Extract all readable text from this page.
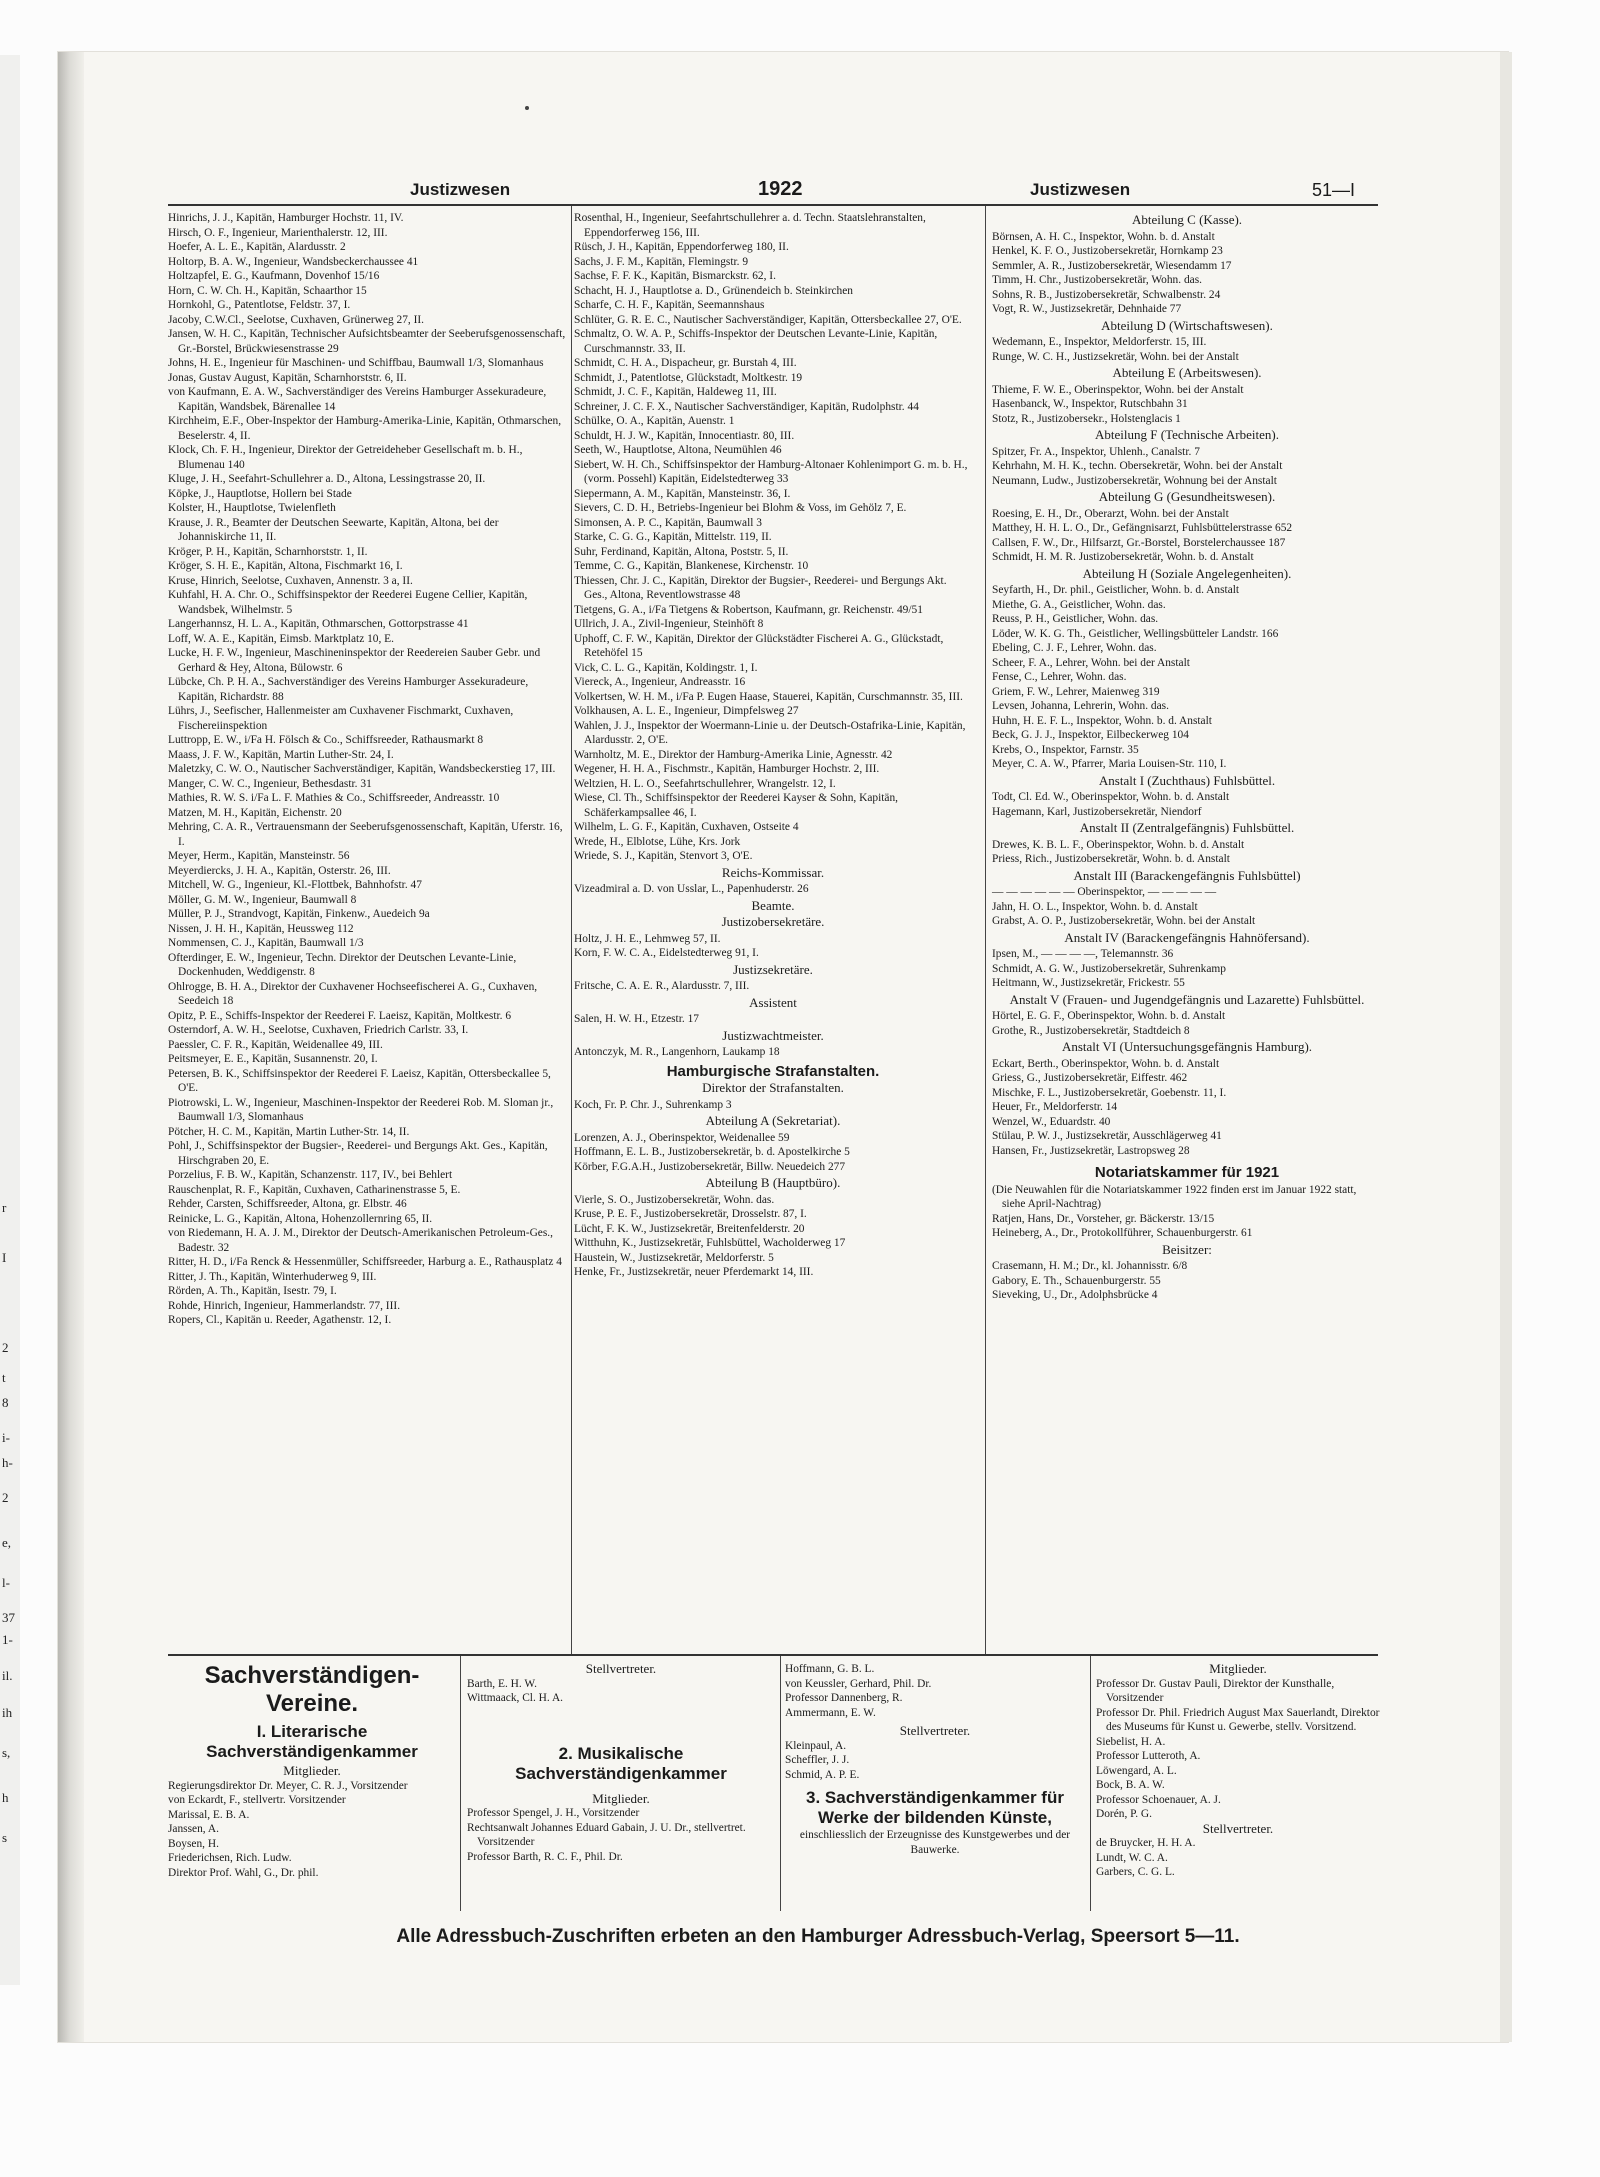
r
I
2
t
8
i-
h-
2
e,
l-
37
1-
il.
ih
s,
h
s
Justizwesen	1922	Justizwesen	51—I

Hinrichs, J. J., Kapitän, Hamburger Hochstr. 11, IV.

Hirsch, O. F., Ingenieur, Marienthalerstr. 12, III.

Hoefer, A. L. E., Kapitän, Alardusstr. 2

Holtorp, B. A. W., Ingenieur, Wandsbeckerchaussee 41

Holtzapfel, E. G., Kaufmann, Dovenhof 15/16

Horn, C. W. Ch. H., Kapitän, Schaarthor 15

Hornkohl, G., Patentlotse, Feldstr. 37, I.

Jacoby, C.W.Cl., Seelotse, Cuxhaven, Grünerweg 27, II.

Jansen, W. H. C., Kapitän, Technischer Aufsichtsbeamter der Seeberufsgenossenschaft, Gr.-Borstel, Brückwiesenstrasse 29

Johns, H. E., Ingenieur für Maschinen- und Schiffbau, Baumwall 1/3, Slomanhaus

Jonas, Gustav August, Kapitän, Scharnhorststr. 6, II.

von Kaufmann, E. A. W., Sachverständiger des Vereins Hamburger Assekuradeure, Kapitän, Wandsbek, Bärenallee 14

Kirchheim, E.F., Ober-Inspektor der Hamburg-Amerika-Linie, Kapitän, Othmarschen, Beselerstr. 4, II.

Klock, Ch. F. H., Ingenieur, Direktor der Getreideheber Gesellschaft m. b. H., Blumenau 140

Kluge, J. H., Seefahrt-Schullehrer a. D., Altona, Lessingstrasse 20, II.

Köpke, J., Hauptlotse, Hollern bei Stade

Kolster, H., Hauptlotse, Twielenfleth

Krause, J. R., Beamter der Deutschen Seewarte, Kapitän, Altona, bei der Johanniskirche 11, II.

Kröger, P. H., Kapitän, Scharnhorststr. 1, II.

Kröger, S. H. E., Kapitän, Altona, Fischmarkt 16, I.

Kruse, Hinrich, Seelotse, Cuxhaven, Annenstr. 3 a, II.

Kuhfahl, H. A. Chr. O., Schiffsinspektor der Reederei Eugene Cellier, Kapitän, Wandsbek, Wilhelmstr. 5

Langerhannsz, H. L. A., Kapitän, Othmarschen, Gottorpstrasse 41

Loff, W. A. E., Kapitän, Eimsb. Marktplatz 10, E.

Lucke, H. F. W., Ingenieur, Maschineninspektor der Reedereien Sauber Gebr. und Gerhard & Hey, Altona, Bülowstr. 6

Lübcke, Ch. P. H. A., Sachverständiger des Vereins Hamburger Assekuradeure, Kapitän, Richardstr. 88

Lührs, J., Seefischer, Hallenmeister am Cuxhavener Fischmarkt, Cuxhaven, Fischereiinspektion

Luttropp, E. W., i/Fa H. Fölsch & Co., Schiffsreeder, Rathausmarkt 8

Maass, J. F. W., Kapitän, Martin Luther-Str. 24, I.

Maletzky, C. W. O., Nautischer Sachverständiger, Kapitän, Wandsbeckerstieg 17, III.

Manger, C. W. C., Ingenieur, Bethesdastr. 31

Mathies, R. W. S. i/Fa L. F. Mathies & Co., Schiffsreeder, Andreasstr. 10

Matzen, M. H., Kapitän, Eichenstr. 20

Mehring, C. A. R., Vertrauensmann der Seeberufsgenossenschaft, Kapitän, Uferstr. 16, I.

Meyer, Herm., Kapitän, Mansteinstr. 56

Meyerdiercks, J. H. A., Kapitän, Osterstr. 26, III.

Mitchell, W. G., Ingenieur, Kl.-Flottbek, Bahnhofstr. 47

Möller, G. M. W., Ingenieur, Baumwall 8

Müller, P. J., Strandvogt, Kapitän, Finkenw., Auedeich 9a

Nissen, J. H. H., Kapitän, Heussweg 112

Nommensen, C. J., Kapitän, Baumwall 1/3

Ofterdinger, E. W., Ingenieur, Techn. Direktor der Deutschen Levante-Linie, Dockenhuden, Weddigenstr. 8

Ohlrogge, B. H. A., Direktor der Cuxhavener Hochseefischerei A. G., Cuxhaven, Seedeich 18

Opitz, P. E., Schiffs-Inspektor der Reederei F. Laeisz, Kapitän, Moltkestr. 6

Osterndorf, A. W. H., Seelotse, Cuxhaven, Friedrich Carlstr. 33, I.

Paessler, C. F. R., Kapitän, Weidenallee 49, III.

Peitsmeyer, E. E., Kapitän, Susannenstr. 20, I.

Petersen, B. K., Schiffsinspektor der Reederei F. Laeisz, Kapitän, Ottersbeckallee 5, O'E.

Piotrowski, L. W., Ingenieur, Maschinen-Inspektor der Reederei Rob. M. Sloman jr., Baumwall 1/3, Slomanhaus

Pötcher, H. C. M., Kapitän, Martin Luther-Str. 14, II.

Pohl, J., Schiffsinspektor der Bugsier-, Reederei- und Bergungs Akt. Ges., Kapitän, Hirschgraben 20, E.

Porzelius, F. B. W., Kapitän, Schanzenstr. 117, IV., bei Behlert

Rauschenplat, R. F., Kapitän, Cuxhaven, Catharinenstrasse 5, E.

Rehder, Carsten, Schiffsreeder, Altona, gr. Elbstr. 46

Reinicke, L. G., Kapitän, Altona, Hohenzollernring 65, II.

von Riedemann, H. A. J. M., Direktor der Deutsch-Amerikanischen Petroleum-Ges., Badestr. 32

Ritter, H. D., i/Fa Renck & Hessenmüller, Schiffsreeder, Harburg a. E., Rathausplatz 4

Ritter, J. Th., Kapitän, Winterhuderweg 9, III.

Rörden, A. Th., Kapitän, Isestr. 79, I.

Rohde, Hinrich, Ingenieur, Hammerlandstr. 77, III.

Ropers, Cl., Kapitän u. Reeder, Agathenstr. 12, I.

Rosenthal, H., Ingenieur, Seefahrtschullehrer a. d. Techn. Staatslehranstalten, Eppendorferweg 156, III.

Rüsch, J. H., Kapitän, Eppendorferweg 180, II.

Sachs, J. F. M., Kapitän, Flemingstr. 9

Sachse, F. F. K., Kapitän, Bismarckstr. 62, I.

Schacht, H. J., Hauptlotse a. D., Grünendeich b. Steinkirchen

Scharfe, C. H. F., Kapitän, Seemannshaus

Schlüter, G. R. E. C., Nautischer Sachverständiger, Kapitän, Ottersbeckallee 27, O'E.

Schmaltz, O. W. A. P., Schiffs-Inspektor der Deutschen Levante-Linie, Kapitän, Curschmannstr. 33, II.

Schmidt, C. H. A., Dispacheur, gr. Burstah 4, III.

Schmidt, J., Patentlotse, Glückstadt, Moltkestr. 19

Schmidt, J. C. F., Kapitän, Haldeweg 11, III.

Schreiner, J. C. F. X., Nautischer Sachverständiger, Kapitän, Rudolphstr. 44

Schülke, O. A., Kapitän, Auenstr. 1

Schuldt, H. J. W., Kapitän, Innocentiastr. 80, III.

Seeth, W., Hauptlotse, Altona, Neumühlen 46

Siebert, W. H. Ch., Schiffsinspektor der Hamburg-Altonaer Kohlenimport G. m. b. H., (vorm. Possehl) Kapitän, Eidelstedterweg 33

Siepermann, A. M., Kapitän, Mansteinstr. 36, I.

Sievers, C. D. H., Betriebs-Ingenieur bei Blohm & Voss, im Gehölz 7, E.

Simonsen, A. P. C., Kapitän, Baumwall 3

Starke, C. G. G., Kapitän, Mittelstr. 119, II.

Suhr, Ferdinand, Kapitän, Altona, Poststr. 5, II.

Temme, C. G., Kapitän, Blankenese, Kirchenstr. 10

Thiessen, Chr. J. C., Kapitän, Direktor der Bugsier-, Reederei- und Bergungs Akt. Ges., Altona, Reventlowstrasse 48

Tietgens, G. A., i/Fa Tietgens & Robertson, Kaufmann, gr. Reichenstr. 49/51

Ullrich, J. A., Zivil-Ingenieur, Steinhöft 8

Uphoff, C. F. W., Kapitän, Direktor der Glückstädter Fischerei A. G., Glückstadt, Retehöfel 15

Vick, C. L. G., Kapitän, Koldingstr. 1, I.

Viereck, A., Ingenieur, Andreasstr. 16

Volkertsen, W. H. M., i/Fa P. Eugen Haase, Stauerei, Kapitän, Curschmannstr. 35, III.

Volkhausen, A. L. E., Ingenieur, Dimpfelsweg 27

Wahlen, J. J., Inspektor der Woermann-Linie u. der Deutsch-Ostafrika-Linie, Kapitän, Alardusstr. 2, O'E.

Warnholtz, M. E., Direktor der Hamburg-Amerika Linie, Agnesstr. 42

Wegener, H. H. A., Fischmstr., Kapitän, Hamburger Hochstr. 2, III.

Weltzien, H. L. O., Seefahrtschullehrer, Wrangelstr. 12, I.

Wiese, Cl. Th., Schiffsinspektor der Reederei Kayser & Sohn, Kapitän, Schäferkampsallee 46, I.

Wilhelm, L. G. F., Kapitän, Cuxhaven, Ostseite 4

Wrede, H., Elblotse, Lühe, Krs. Jork

Wriede, S. J., Kapitän, Stenvort 3, O'E.

Reichs-Kommissar.

Vizeadmiral a. D. von Usslar, L., Papenhuderstr. 26

Beamte.

Justizobersekretäre.

Holtz, J. H. E., Lehmweg 57, II.

Korn, F. W. C. A., Eidelstedterweg 91, I.

Justizsekretäre.

Fritsche, C. A. E. R., Alardusstr. 7, III.

Assistent

Salen, H. W. H., Etzestr. 17

Justizwachtmeister.

Antonczyk, M. R., Langenhorn, Laukamp 18

Hamburgische Strafanstalten.

Direktor der Strafanstalten.

Koch, Fr. P. Chr. J., Suhrenkamp 3

Abteilung A (Sekretariat).

Lorenzen, A. J., Oberinspektor, Weidenallee 59

Hoffmann, E. L. B., Justizobersekretär, b. d. Apostelkirche 5

Körber, F.G.A.H., Justizobersekretär, Billw. Neuedeich 277

Abteilung B (Hauptbüro).

Vierle, S. O., Justizobersekretär, Wohn. das.

Kruse, P. E. F., Justizobersekretär, Drosselstr. 87, I.

Lücht, F. K. W., Justizsekretär, Breitenfelderstr. 20

Witthuhn, K., Justizsekretär, Fuhlsbüttel, Wacholderweg 17

Haustein, W., Justizsekretär, Meldorferstr. 5

Henke, Fr., Justizsekretär, neuer Pferdemarkt 14, III.

Abteilung C (Kasse).

Börnsen, A. H. C., Inspektor, Wohn. b. d. Anstalt

Henkel, K. F. O., Justizobersekretär, Hornkamp 23

Semmler, A. R., Justizobersekretär, Wiesendamm 17

Timm, H. Chr., Justizobersekretär, Wohn. das.

Sohns, R. B., Justizobersekretär, Schwalbenstr. 24

Vogt, R. W., Justizsekretär, Dehnhaide 77

Abteilung D (Wirtschaftswesen).

Wedemann, E., Inspektor, Meldorferstr. 15, III.

Runge, W. C. H., Justizsekretär, Wohn. bei der Anstalt

Abteilung E (Arbeitswesen).

Thieme, F. W. E., Oberinspektor, Wohn. bei der Anstalt

Hasenbanck, W., Inspektor, Rutschbahn 31

Stotz, R., Justizobersekr., Holstenglacis 1

Abteilung F (Technische Arbeiten).

Spitzer, Fr. A., Inspektor, Uhlenh., Canalstr. 7

Kehrhahn, M. H. K., techn. Obersekretär, Wohn. bei der Anstalt

Neumann, Ludw., Justizobersekretär, Wohnung bei der Anstalt

Abteilung G (Gesundheitswesen).

Roesing, E. H., Dr., Oberarzt, Wohn. bei der Anstalt

Matthey, H. H. L. O., Dr., Gefängnisarzt, Fuhlsbüttelerstrasse 652

Callsen, F. W., Dr., Hilfsarzt, Gr.-Borstel, Borstelerchaussee 187

Schmidt, H. M. R. Justizobersekretär, Wohn. b. d. Anstalt

Abteilung H (Soziale Angelegenheiten).

Seyfarth, H., Dr. phil., Geistlicher, Wohn. b. d. Anstalt

Miethe, G. A., Geistlicher, Wohn. das.

Reuss, P. H., Geistlicher, Wohn. das.

Löder, W. K. G. Th., Geistlicher, Wellingsbütteler Landstr. 166

Ebeling, C. J. F., Lehrer, Wohn. das.

Scheer, F. A., Lehrer, Wohn. bei der Anstalt

Fense, C., Lehrer, Wohn. das.

Griem, F. W., Lehrer, Maienweg 319

Levsen, Johanna, Lehrerin, Wohn. das.

Huhn, H. E. F. L., Inspektor, Wohn. b. d. Anstalt

Beck, G. J. J., Inspektor, Eilbeckerweg 104

Krebs, O., Inspektor, Farnstr. 35

Meyer, C. A. W., Pfarrer, Maria Louisen-Str. 110, I.

Anstalt I (Zuchthaus) Fuhlsbüttel.

Todt, Cl. Ed. W., Oberinspektor, Wohn. b. d. Anstalt

Hagemann, Karl, Justizobersekretär, Niendorf

Anstalt II (Zentralgefängnis) Fuhlsbüttel.

Drewes, K. B. L. F., Oberinspektor, Wohn. b. d. Anstalt

Priess, Rich., Justizobersekretär, Wohn. b. d. Anstalt

Anstalt III (Barackengefängnis Fuhlsbüttel)

— — — — — — Oberinspektor, — — — — —

Jahn, H. O. L., Inspektor, Wohn. b. d. Anstalt

Grabst, A. O. P., Justizobersekretär, Wohn. bei der Anstalt

Anstalt IV (Barackengefängnis Hahnöfersand).

Ipsen, M., — — — —, Telemannstr. 36

Schmidt, A. G. W., Justizobersekretär, Suhrenkamp

Heitmann, W., Justizsekretär, Frickestr. 55

Anstalt V (Frauen- und Jugendgefängnis und Lazarette) Fuhlsbüttel.

Hörtel, E. G. F., Oberinspektor, Wohn. b. d. Anstalt

Grothe, R., Justizobersekretär, Stadtdeich 8

Anstalt VI (Untersuchungsgefängnis Hamburg).

Eckart, Berth., Oberinspektor, Wohn. b. d. Anstalt

Griess, G., Justizobersekretär, Eiffestr. 462

Mischke, F. L., Justizobersekretär, Goebenstr. 11, I.

Heuer, Fr., Meldorferstr. 14

Wenzel, W., Eduardstr. 40

Stülau, P. W. J., Justizsekretär, Ausschlägerweg 41

Hansen, Fr., Justizsekretär, Lastropsweg 28

Notariatskammer für 1921

(Die Neuwahlen für die Notariatskammer 1922 finden erst im Januar 1922 statt, siehe April-Nachtrag)

Ratjen, Hans, Dr., Vorsteher, gr. Bäckerstr. 13/15

Heineberg, A., Dr., Protokollführer, Schauenburgerstr. 61

Beisitzer:

Crasemann, H. M.; Dr., kl. Johannisstr. 6/8

Gabory, E. Th., Schauenburgerstr. 55

Sieveking, U., Dr., Adolphsbrücke 4

Sachverständigen-Vereine.
I. Literarische Sachverständigenkammer

Mitglieder.

Regierungsdirektor Dr. Meyer, C. R. J., Vorsitzender

von Eckardt, F., stellvertr. Vorsitzender

Marissal, E. B. A.

Janssen, A.

Boysen, H.

Friederichsen, Rich. Ludw.

Direktor Prof. Wahl, G., Dr. phil.

Stellvertreter.

Barth, E. H. W.

Wittmaack, Cl. H. A.

2. Musikalische Sachverständigenkammer

Mitglieder.

Professor Spengel, J. H., Vorsitzender

Rechtsanwalt Johannes Eduard Gabain, J. U. Dr., stellvertret. Vorsitzender

Professor Barth, R. C. F., Phil. Dr.

Hoffmann, G. B. L.

von Keussler, Gerhard, Phil. Dr.

Professor Dannenberg, R.

Ammermann, E. W.

Stellvertreter.

Kleinpaul, A.

Scheffler, J. J.

Schmid, A. P. E.

3. Sachverständigenkammer für Werke der bildenden Künste,

einschliesslich der Erzeugnisse des Kunstgewerbes und der Bauwerke.

Mitglieder.

Professor Dr. Gustav Pauli, Direktor der Kunsthalle, Vorsitzender

Professor Dr. Phil. Friedrich August Max Sauerlandt, Direktor des Museums für Kunst u. Gewerbe, stellv. Vorsitzend.

Siebelist, H. A.

Professor Lutteroth, A.

Löwengard, A. L.

Bock, B. A. W.

Professor Schoenauer, A. J.

Dorén, P. G.

Stellvertreter.

de Bruycker, H. H. A.

Lundt, W. C. A.

Garbers, C. G. L.

Alle Adressbuch-Zuschriften erbeten an den Hamburger Adressbuch-Verlag, Speersort 5—11.
